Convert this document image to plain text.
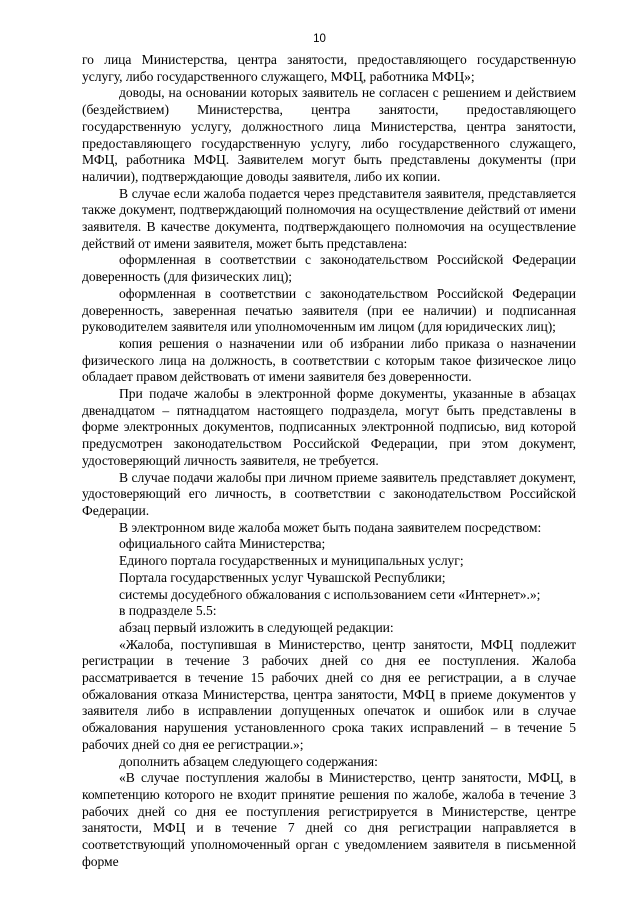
10

го лица Министерства, центра занятости, предоставляющего государственную услугу, либо государственного служащего, МФЦ, работника МФЦ»;

доводы, на основании которых заявитель не согласен с решением и действием (бездействием) Министерства, центра занятости, предоставляющего государственную услугу, должностного лица Министерства, центра занятости, предоставляющего государственную услугу, либо государственного служащего, МФЦ, работника МФЦ. Заявителем могут быть представлены документы (при наличии), подтверждающие доводы заявителя, либо их копии.

В случае если жалоба подается через представителя заявителя, представляется также документ, подтверждающий полномочия на осуществление действий от имени заявителя. В качестве документа, подтверждающего полномочия на осуществление действий от имени заявителя, может быть представлена:

оформленная в соответствии с законодательством Российской Федерации доверенность (для физических лиц);

оформленная в соответствии с законодательством Российской Федерации доверенность, заверенная печатью заявителя (при ее наличии) и подписанная руководителем заявителя или уполномоченным им лицом (для юридических лиц);

копия решения о назначении или об избрании либо приказа о назначении физического лица на должность, в соответствии с которым такое физическое лицо обладает правом действовать от имени заявителя без доверенности.

При подаче жалобы в электронной форме документы, указанные в абзацах двенадцатом – пятнадцатом настоящего подраздела, могут быть представлены в форме электронных документов, подписанных электронной подписью, вид которой предусмотрен законодательством Российской Федерации, при этом документ, удостоверяющий личность заявителя, не требуется.

В случае подачи жалобы при личном приеме заявитель представляет документ, удостоверяющий его личность, в соответствии с законодательством Российской Федерации.

В электронном виде жалоба может быть подана заявителем посредством:

официального сайта Министерства;

Единого портала государственных и муниципальных услуг;

Портала государственных услуг Чувашской Республики;

системы досудебного обжалования с использованием сети «Интернет».»;

в подразделе 5.5:

абзац первый изложить в следующей редакции:

«Жалоба, поступившая в Министерство, центр занятости, МФЦ подлежит регистрации в течение 3 рабочих дней со дня ее поступления. Жалоба рассматривается в течение 15 рабочих дней со дня ее регистрации, а в случае обжалования отказа Министерства, центра занятости, МФЦ в приеме документов у заявителя либо в исправлении допущенных опечаток и ошибок или в случае обжалования нарушения установленного срока таких исправлений – в течение 5 рабочих дней со дня ее регистрации.»;

дополнить абзацем следующего содержания:

«В случае поступления жалобы в Министерство, центр занятости, МФЦ, в компетенцию которого не входит принятие решения по жалобе, жалоба в течение 3 рабочих дней со дня ее поступления регистрируется в Министерстве, центре занятости, МФЦ и в течение 7 дней со дня регистрации направляется в соответствующий уполномоченный орган с уведомлением заявителя в письменной форме
